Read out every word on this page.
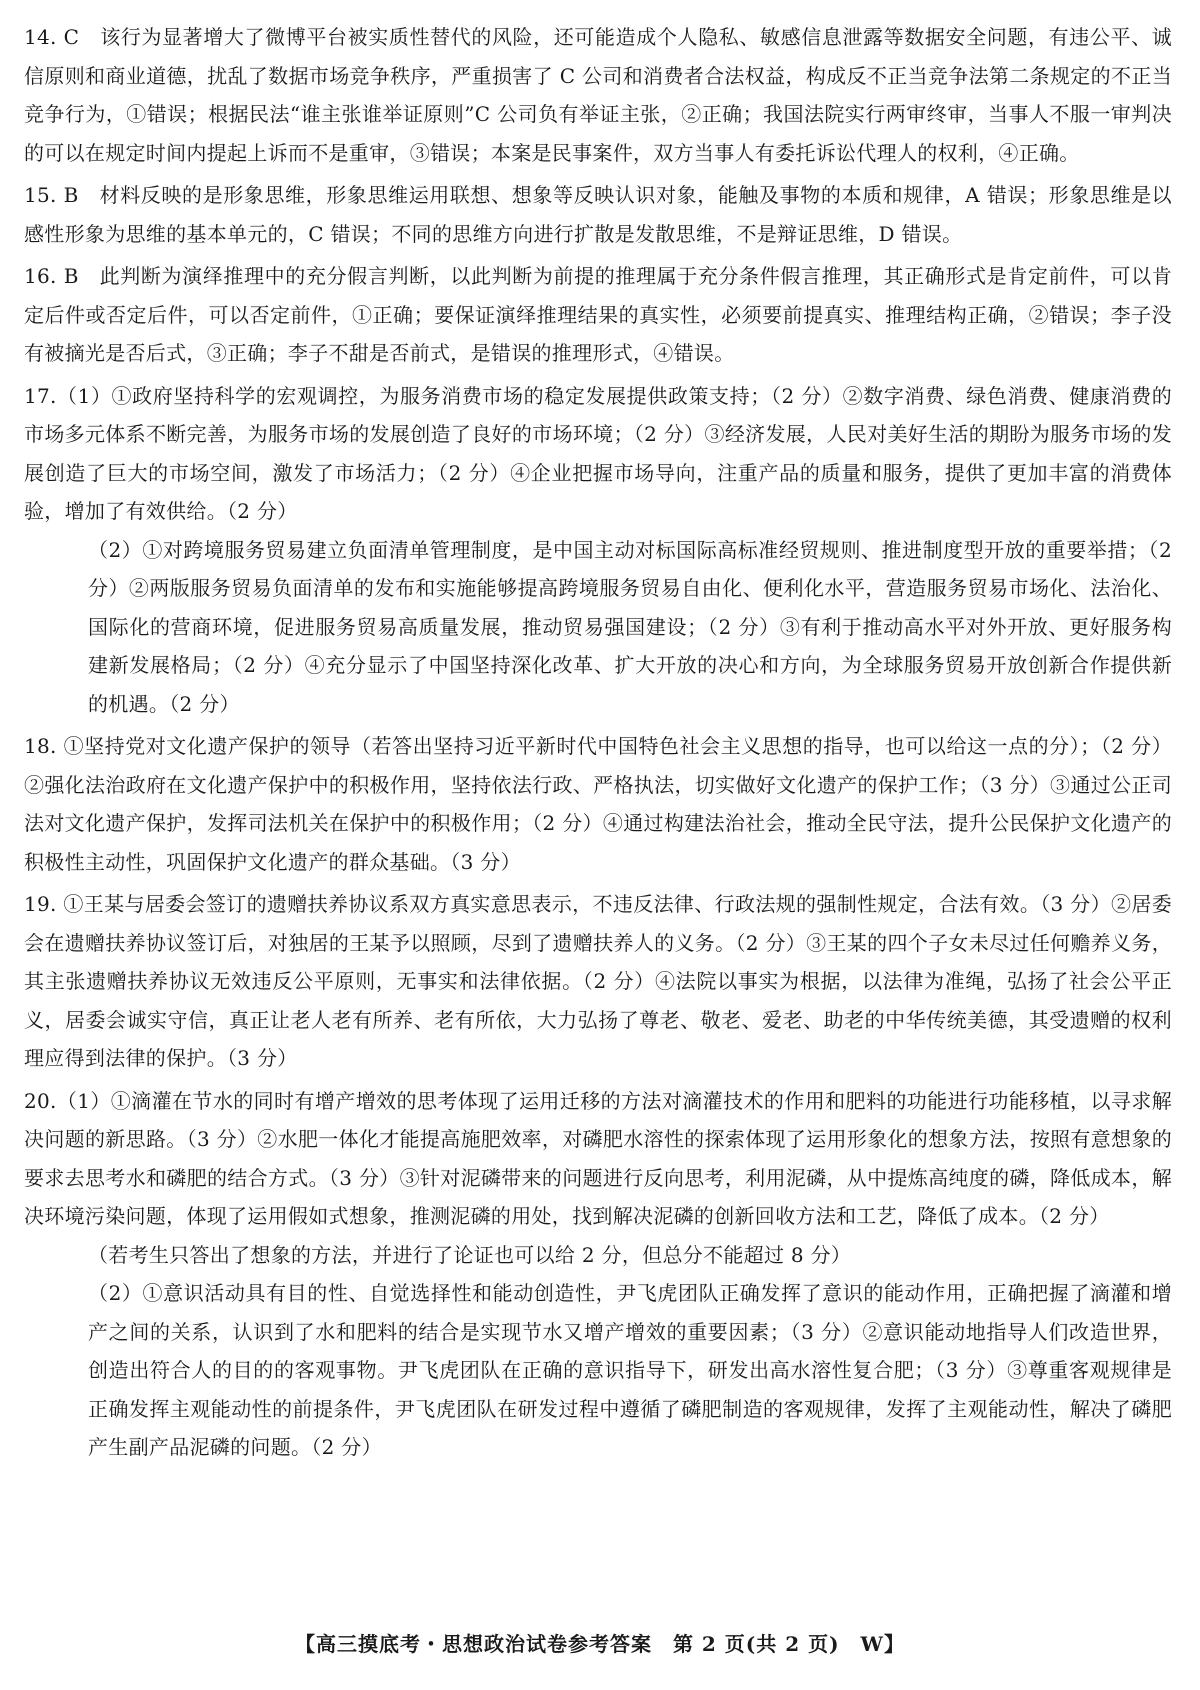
14. C　该行为显著增大了微博平台被实质性替代的风险，还可能造成个人隐私、敏感信息泄露等数据安全问题，有违公平、诚信原则和商业道德，扰乱了数据市场竞争秩序，严重损害了 C 公司和消费者合法权益，构成反不正当竞争法第二条规定的不正当竞争行为，①错误；根据民法“谁主张谁举证原则”C 公司负有举证主张，②正确；我国法院实行两审终审，当事人不服一审判决的可以在规定时间内提起上诉而不是重审，③错误；本案是民事案件，双方当事人有委托诉讼代理人的权利，④正确。

15. B　材料反映的是形象思维，形象思维运用联想、想象等反映认识对象，能触及事物的本质和规律，A 错误；形象思维是以感性形象为思维的基本单元的，C 错误；不同的思维方向进行扩散是发散思维，不是辩证思维，D 错误。

16. B　此判断为演绎推理中的充分假言判断，以此判断为前提的推理属于充分条件假言推理，其正确形式是肯定前件，可以肯定后件或否定后件，可以否定前件，①正确；要保证演绎推理结果的真实性，必须要前提真实、推理结构正确，②错误；李子没有被摘光是否后式，③正确；李子不甜是否前式，是错误的推理形式，④错误。

17.（1）①政府坚持科学的宏观调控，为服务消费市场的稳定发展提供政策支持；（2 分）②数字消费、绿色消费、健康消费的市场多元体系不断完善，为服务市场的发展创造了良好的市场环境；（2 分）③经济发展，人民对美好生活的期盼为服务市场的发展创造了巨大的市场空间，激发了市场活力；（2 分）④企业把握市场导向，注重产品的质量和服务，提供了更加丰富的消费体验，增加了有效供给。（2 分）

（2）①对跨境服务贸易建立负面清单管理制度，是中国主动对标国际高标准经贸规则、推进制度型开放的重要举措；（2 分）②两版服务贸易负面清单的发布和实施能够提高跨境服务贸易自由化、便利化水平，营造服务贸易市场化、法治化、国际化的营商环境，促进服务贸易高质量发展，推动贸易强国建设；（2 分）③有利于推动高水平对外开放、更好服务构建新发展格局；（2 分）④充分显示了中国坚持深化改革、扩大开放的决心和方向，为全球服务贸易开放创新合作提供新的机遇。（2 分）

18. ①坚持党对文化遗产保护的领导（若答出坚持习近平新时代中国特色社会主义思想的指导，也可以给这一点的分）；（2 分）②强化法治政府在文化遗产保护中的积极作用，坚持依法行政、严格执法，切实做好文化遗产的保护工作；（3 分）③通过公正司法对文化遗产保护，发挥司法机关在保护中的积极作用；（2 分）④通过构建法治社会，推动全民守法，提升公民保护文化遗产的积极性主动性，巩固保护文化遗产的群众基础。（3 分）

19. ①王某与居委会签订的遗赠扶养协议系双方真实意思表示，不违反法律、行政法规的强制性规定，合法有效。（3 分）②居委会在遗赠扶养协议签订后，对独居的王某予以照顾，尽到了遗赠扶养人的义务。（2 分）③王某的四个子女未尽过任何赡养义务，其主张遗赠扶养协议无效违反公平原则，无事实和法律依据。（2 分）④法院以事实为根据，以法律为准绳，弘扬了社会公平正义，居委会诚实守信，真正让老人老有所养、老有所依，大力弘扬了尊老、敬老、爱老、助老的中华传统美德，其受遗赠的权利理应得到法律的保护。（3 分）

20.（1）①滴灌在节水的同时有增产增效的思考体现了运用迁移的方法对滴灌技术的作用和肥料的功能进行功能移植，以寻求解决问题的新思路。（3 分）②水肥一体化才能提高施肥效率，对磷肥水溶性的探索体现了运用形象化的想象方法，按照有意想象的要求去思考水和磷肥的结合方式。（3 分）③针对泥磷带来的问题进行反向思考，利用泥磷，从中提炼高纯度的磷，降低成本，解决环境污染问题，体现了运用假如式想象，推测泥磷的用处，找到解决泥磷的创新回收方法和工艺，降低了成本。（2 分）

（若考生只答出了想象的方法，并进行了论证也可以给 2 分，但总分不能超过 8 分）

（2）①意识活动具有目的性、自觉选择性和能动创造性，尹飞虎团队正确发挥了意识的能动作用，正确把握了滴灌和增产之间的关系，认识到了水和肥料的结合是实现节水又增产增效的重要因素；（3 分）②意识能动地指导人们改造世界，创造出符合人的目的的客观事物。尹飞虎团队在正确的意识指导下，研发出高水溶性复合肥；（3 分）③尊重客观规律是正确发挥主观能动性的前提条件，尹飞虎团队在研发过程中遵循了磷肥制造的客观规律，发挥了主观能动性，解决了磷肥产生副产品泥磷的问题。（2 分）

【高三摸底考・思想政治试卷参考答案　第 2 页(共 2 页)　W】
